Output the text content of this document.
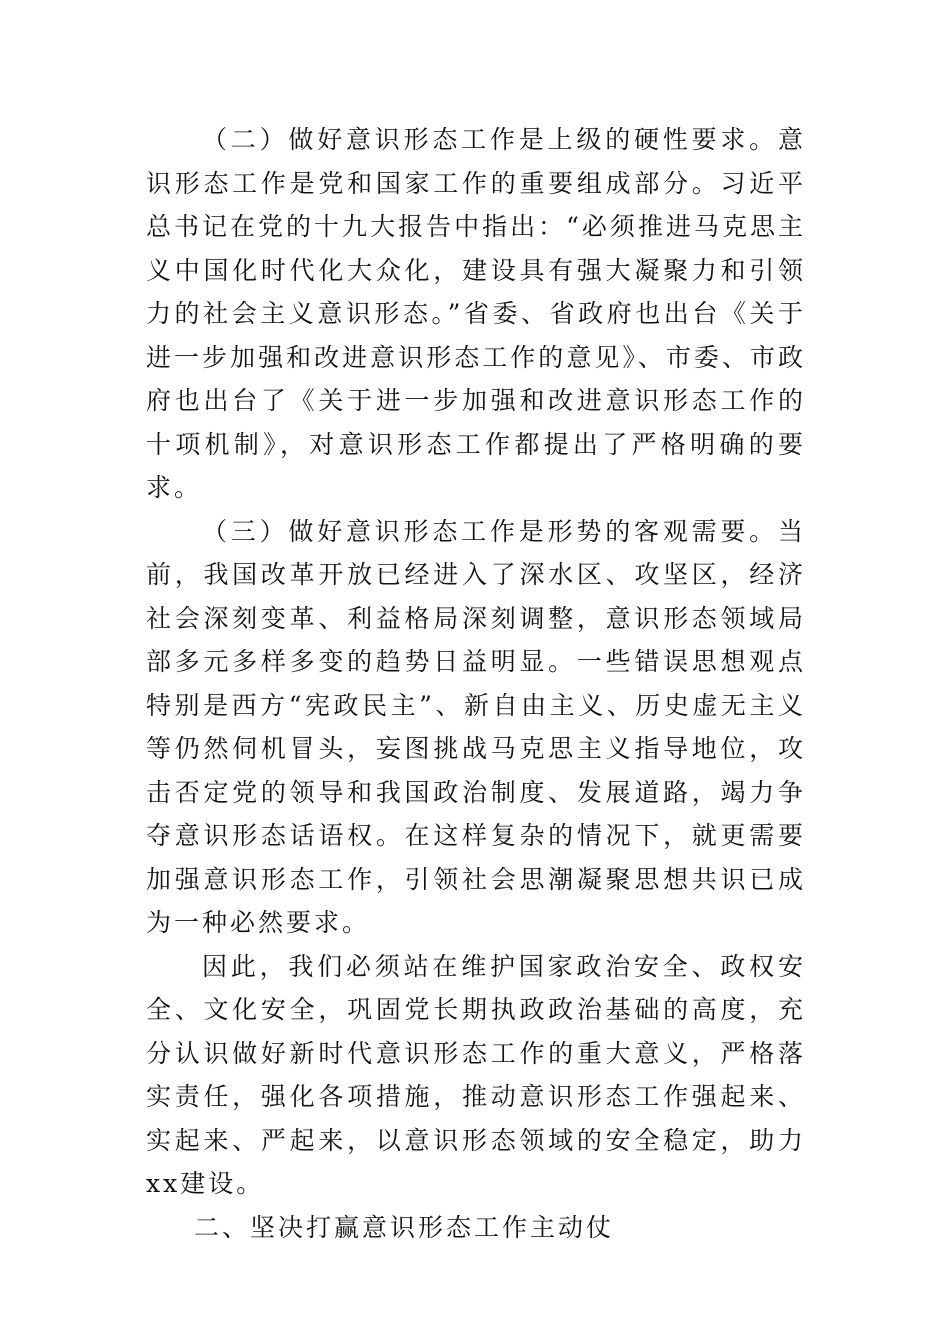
（二）做好意识形态工作是上级的硬性要求。意识形态工作是党和国家工作的重要组成部分。习近平总书记在党的十九大报告中指出：“必须推进马克思主义中国化时代化大众化，建设具有强大凝聚力和引领力的社会主义意识形态。”省委、省政府也出台《关于进一步加强和改进意识形态工作的意见》、市委、市政府也出台了《关于进一步加强和改进意识形态工作的十项机制》，对意识形态工作都提出了严格明确的要求。

（三）做好意识形态工作是形势的客观需要。当前，我国改革开放已经进入了深水区、攻坚区，经济社会深刻变革、利益格局深刻调整，意识形态领域局部多元多样多变的趋势日益明显。一些错误思想观点特别是西方“宪政民主”、新自由主义、历史虚无主义等仍然伺机冒头，妄图挑战马克思主义指导地位，攻击否定党的领导和我国政治制度、发展道路，竭力争夺意识形态话语权。在这样复杂的情况下，就更需要加强意识形态工作，引领社会思潮凝聚思想共识已成为一种必然要求。

因此，我们必须站在维护国家政治安全、政权安全、文化安全，巩固党长期执政政治基础的高度，充分认识做好新时代意识形态工作的重大意义，严格落实责任，强化各项措施，推动意识形态工作强起来、实起来、严起来，以意识形态领域的安全稳定，助力xx建设。

二、坚决打赢意识形态工作主动仗
